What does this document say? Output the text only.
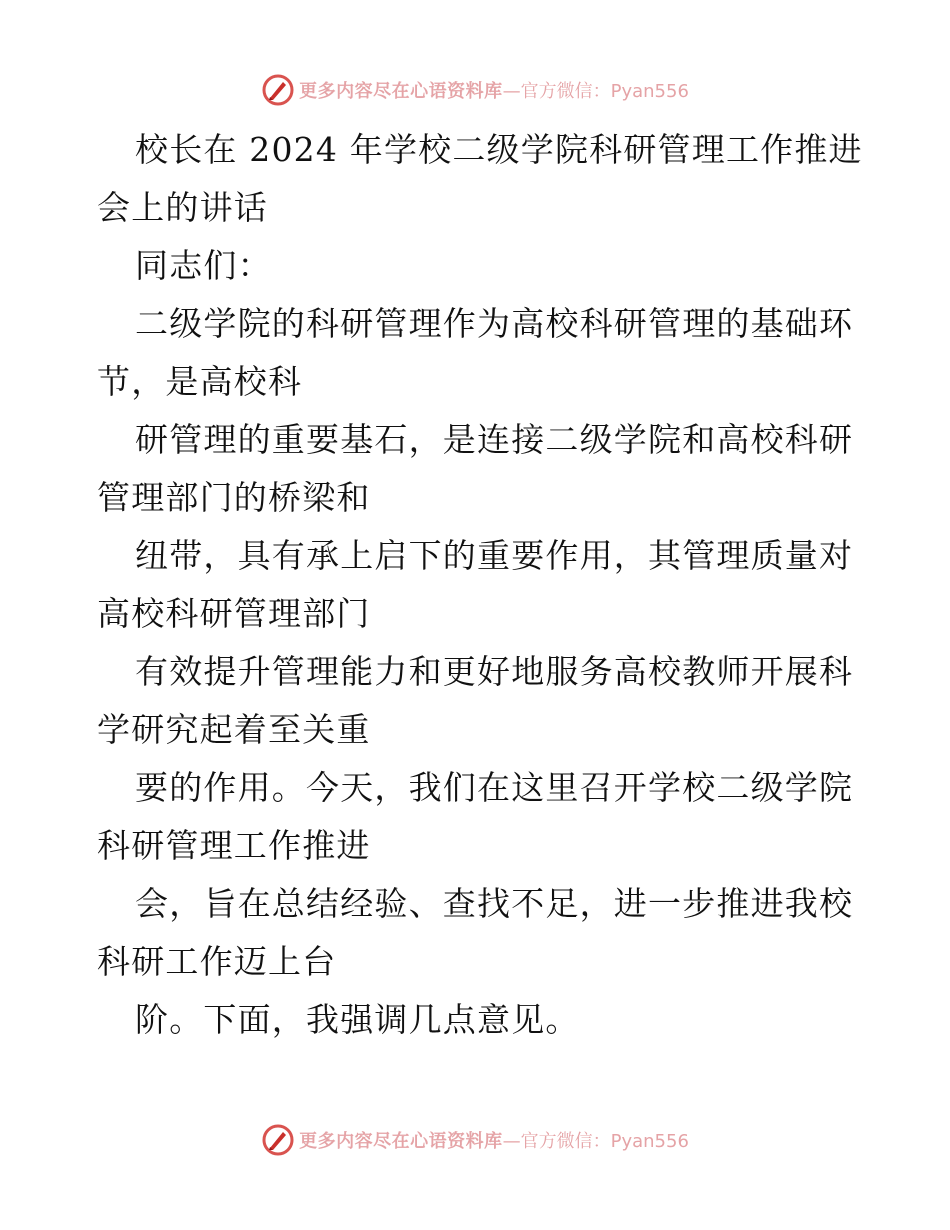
更多内容尽在心语资料库 —官方微信：Pyan556
校长在 2024 年学校二级学院科研管理工作推进
会上的讲话
同志们：
二级学院的科研管理作为高校科研管理的基础环
节，是高校科
研管理的重要基石，是连接二级学院和高校科研
管理部门的桥梁和
纽带，具有承上启下的重要作用，其管理质量对
高校科研管理部门
有效提升管理能力和更好地服务高校教师开展科
学研究起着至关重
要的作用。今天，我们在这里召开学校二级学院
科研管理工作推进
会，旨在总结经验、查找不足，进一步推进我校
科研工作迈上台
阶。下面，我强调几点意见。
更多内容尽在心语资料库 —官方微信：Pyan556
